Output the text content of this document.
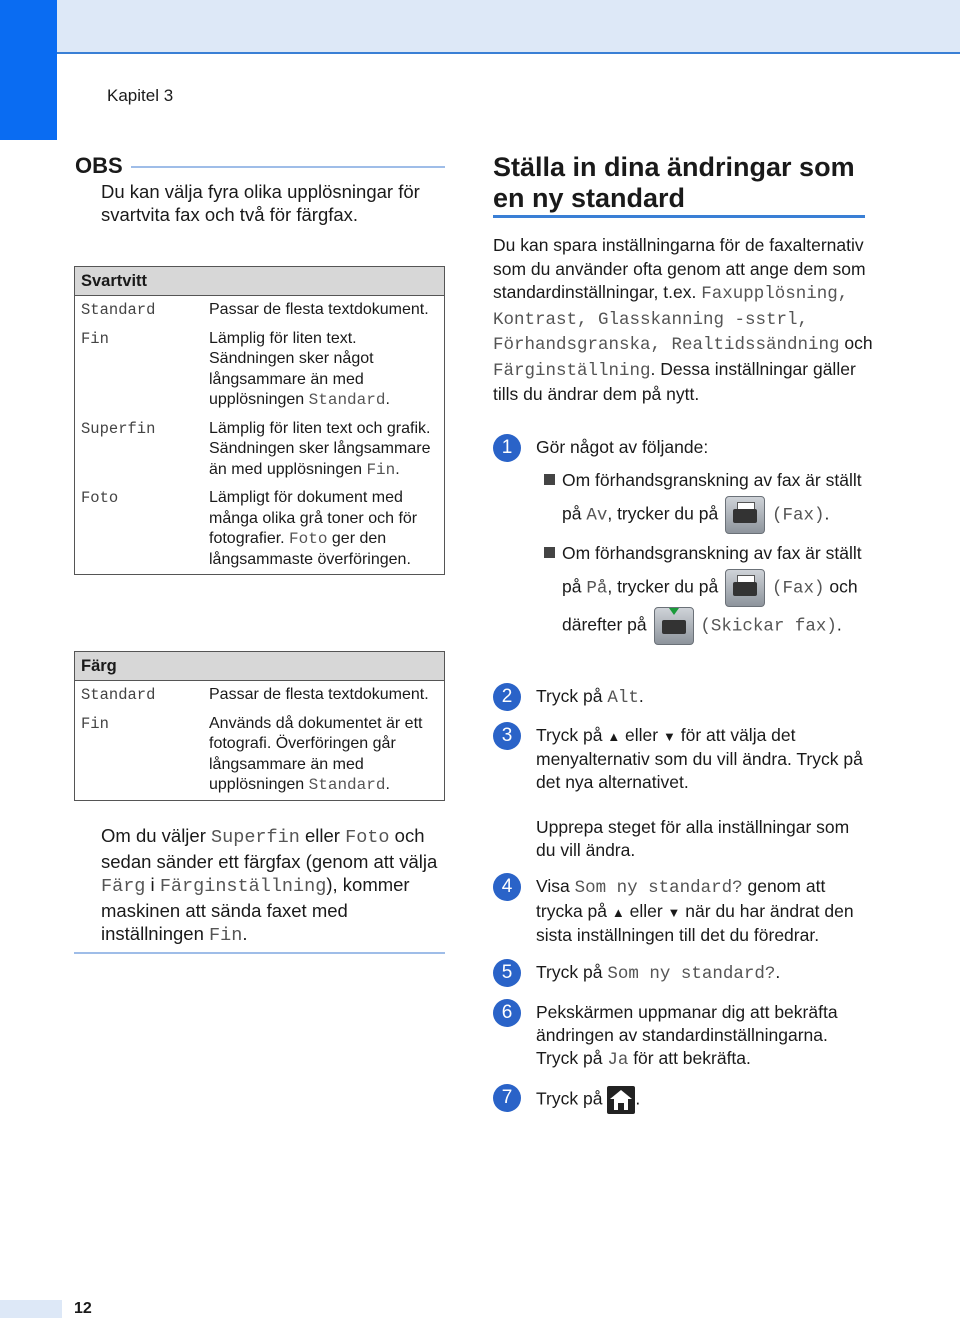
Kapitel 3
OBS
Du kan välja fyra olika upplösningar för svartvita fax och två för färgfax.
Svartvitt	
Standard	Passar de flesta textdokument.
Fin	Lämplig för liten text. Sändningen sker något långsammare än med upplösningen Standard.
Superfin	Lämplig för liten text och grafik. Sändningen sker långsammare än med upplösningen Fin.
Foto	Lämpligt för dokument med många olika grå toner och för fotografier. Foto ger den långsammaste överföringen.
Färg	
Standard	Passar de flesta textdokument.
Fin	Används då dokumentet är ett fotografi. Överföringen går långsammare än med upplösningen Standard.
Om du väljer Superfin eller Foto och sedan sänder ett färgfax (genom att välja Färg i Färginställning), kommer maskinen att sända faxet med inställningen Fin.
Ställa in dina ändringar som en ny standard
Du kan spara inställningarna för de faxalternativ som du använder ofta genom att ange dem som standardinställningar, t.ex. Faxupplösning, Kontrast, Glasskanning -sstrl, Förhandsgranska, Realtidssändning och Färginställning. Dessa inställningar gäller tills du ändrar dem på nytt.
1	Gör något av följande:
Om förhandsgranskning av fax är ställt på Av, trycker du på	(Fax).
Om förhandsgranskning av fax är ställt på På, trycker du på	(Fax) och därefter på	(Skickar fax).
2	Tryck på Alt.
3	Tryck på ▲ eller ▼ för att välja det menyalternativ som du vill ändra. Tryck på det nya alternativet.
Upprepa steget för alla inställningar som du vill ändra.
4	Visa Som ny standard? genom att trycka på ▲ eller ▼ när du har ändrat den sista inställningen till det du föredrar.
5	Tryck på Som ny standard?.
6	Pekskärmen uppmanar dig att bekräfta ändringen av standardinställningarna. Tryck på Ja för att bekräfta.
7	Tryck på
.
12
